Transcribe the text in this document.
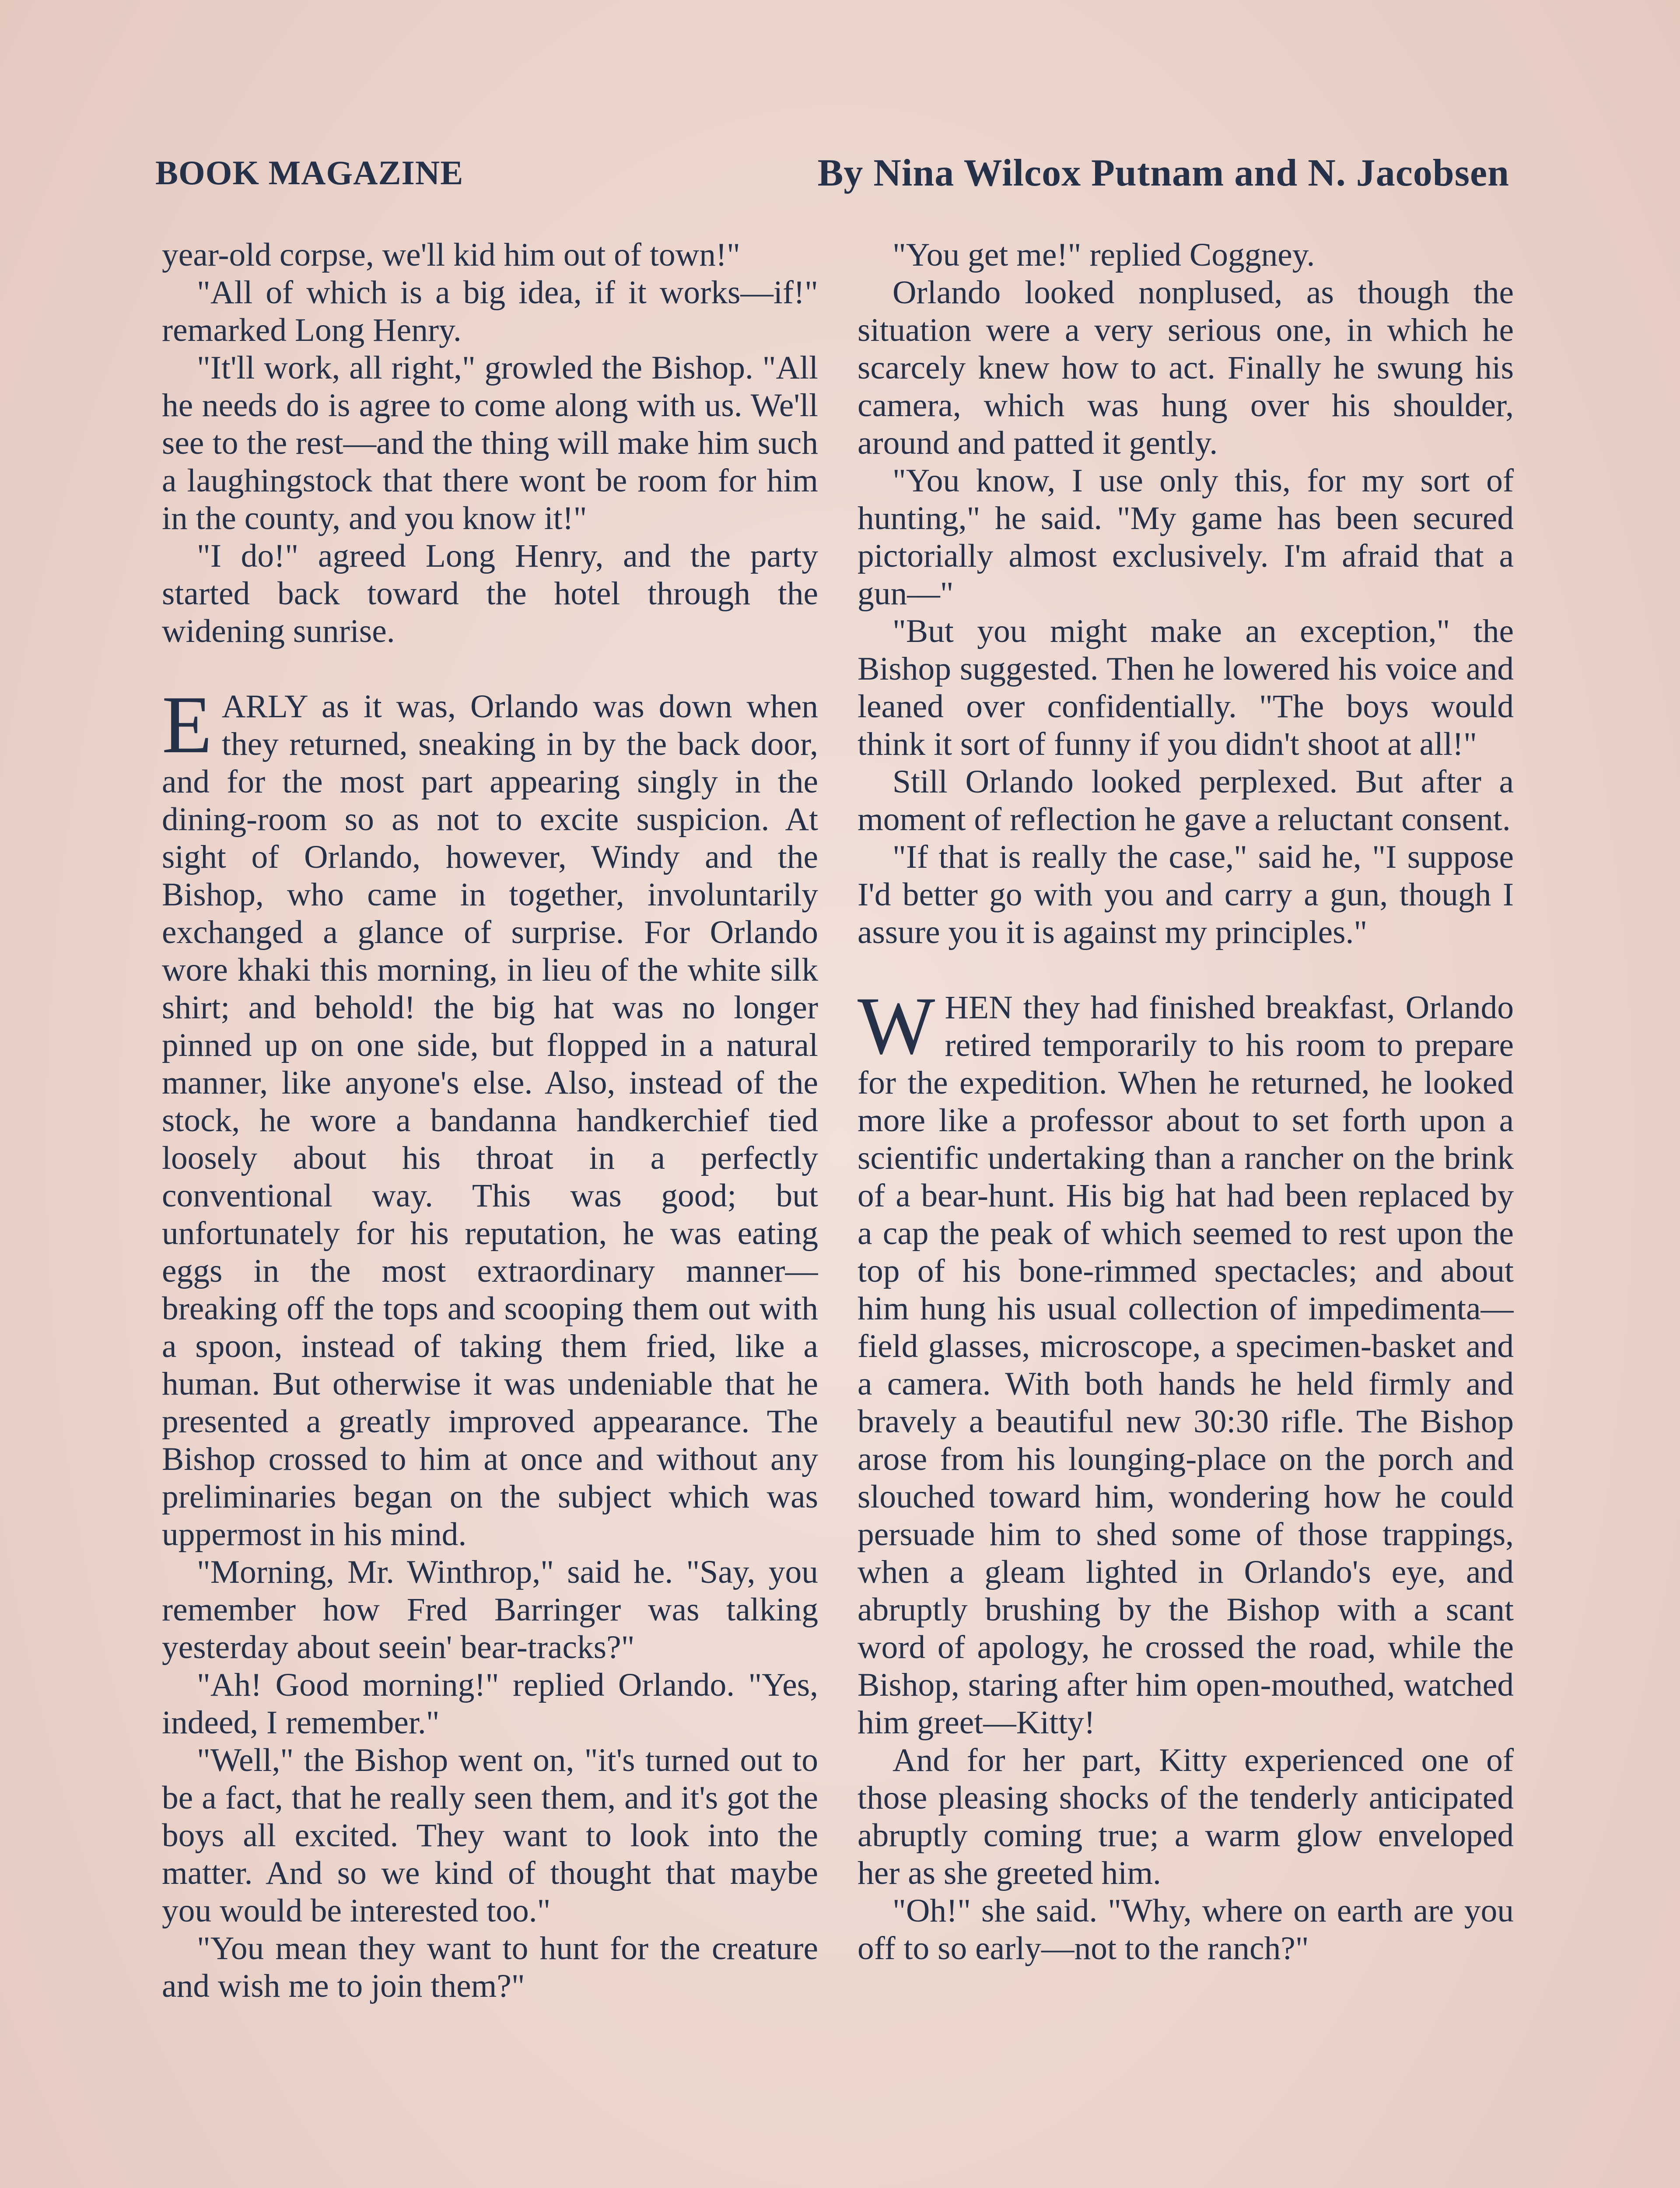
BOOK MAGAZINE	By Nina Wilcox Putnam and N. Jacobsen

year-old corpse, we'll kid him out of town!"

"All of which is a big idea, if it works—if!" remarked Long Henry.

"It'll work, all right," growled the Bishop. "All he needs do is agree to come along with us. We'll see to the rest—and the thing will make him such a laughingstock that there wont be room for him in the county, and you know it!"

"I do!" agreed Long Henry, and the party started back toward the hotel through the widening sunrise.

EARLY as it was, Orlando was down when they returned, sneaking in by the back door, and for the most part appearing singly in the dining-room so as not to excite suspicion. At sight of Orlando, however, Windy and the Bishop, who came in together, involuntarily exchanged a glance of surprise. For Orlando wore khaki this morning, in lieu of the white silk shirt; and behold! the big hat was no longer pinned up on one side, but flopped in a natural manner, like anyone's else. Also, instead of the stock, he wore a bandanna handkerchief tied loosely about his throat in a perfectly conventional way. This was good; but unfortunately for his reputation, he was eating eggs in the most extraordinary manner—breaking off the tops and scooping them out with a spoon, instead of taking them fried, like a human. But otherwise it was undeniable that he presented a greatly improved appearance. The Bishop crossed to him at once and without any preliminaries began on the subject which was uppermost in his mind.

"Morning, Mr. Winthrop," said he. "Say, you remember how Fred Barringer was talking yesterday about seein' bear-tracks?"

"Ah! Good morning!" replied Orlando. "Yes, indeed, I remember."

"Well," the Bishop went on, "it's turned out to be a fact, that he really seen them, and it's got the boys all excited. They want to look into the matter. And so we kind of thought that maybe you would be interested too."

"You mean they want to hunt for the creature and wish me to join them?"

"You get me!" replied Coggney.

Orlando looked nonplused, as though the situation were a very serious one, in which he scarcely knew how to act. Finally he swung his camera, which was hung over his shoulder, around and patted it gently.

"You know, I use only this, for my sort of hunting," he said. "My game has been secured pictorially almost exclusively. I'm afraid that a gun—"

"But you might make an exception," the Bishop suggested. Then he lowered his voice and leaned over confidentially. "The boys would think it sort of funny if you didn't shoot at all!"

Still Orlando looked perplexed. But after a moment of reflection he gave a reluctant consent.

"If that is really the case," said he, "I suppose I'd better go with you and carry a gun, though I assure you it is against my principles."

WHEN they had finished breakfast, Orlando retired temporarily to his room to prepare for the expedition. When he returned, he looked more like a professor about to set forth upon a scientific undertaking than a rancher on the brink of a bear-hunt. His big hat had been replaced by a cap the peak of which seemed to rest upon the top of his bone-rimmed spectacles; and about him hung his usual collection of impedimenta—field glasses, microscope, a specimen-basket and a camera. With both hands he held firmly and bravely a beautiful new 30:30 rifle. The Bishop arose from his lounging-place on the porch and slouched toward him, wondering how he could persuade him to shed some of those trappings, when a gleam lighted in Orlando's eye, and abruptly brushing by the Bishop with a scant word of apology, he crossed the road, while the Bishop, staring after him open-mouthed, watched him greet—Kitty!

And for her part, Kitty experienced one of those pleasing shocks of the tenderly anticipated abruptly coming true; a warm glow enveloped her as she greeted him.

"Oh!" she said. "Why, where on earth are you off to so early—not to the ranch?"
